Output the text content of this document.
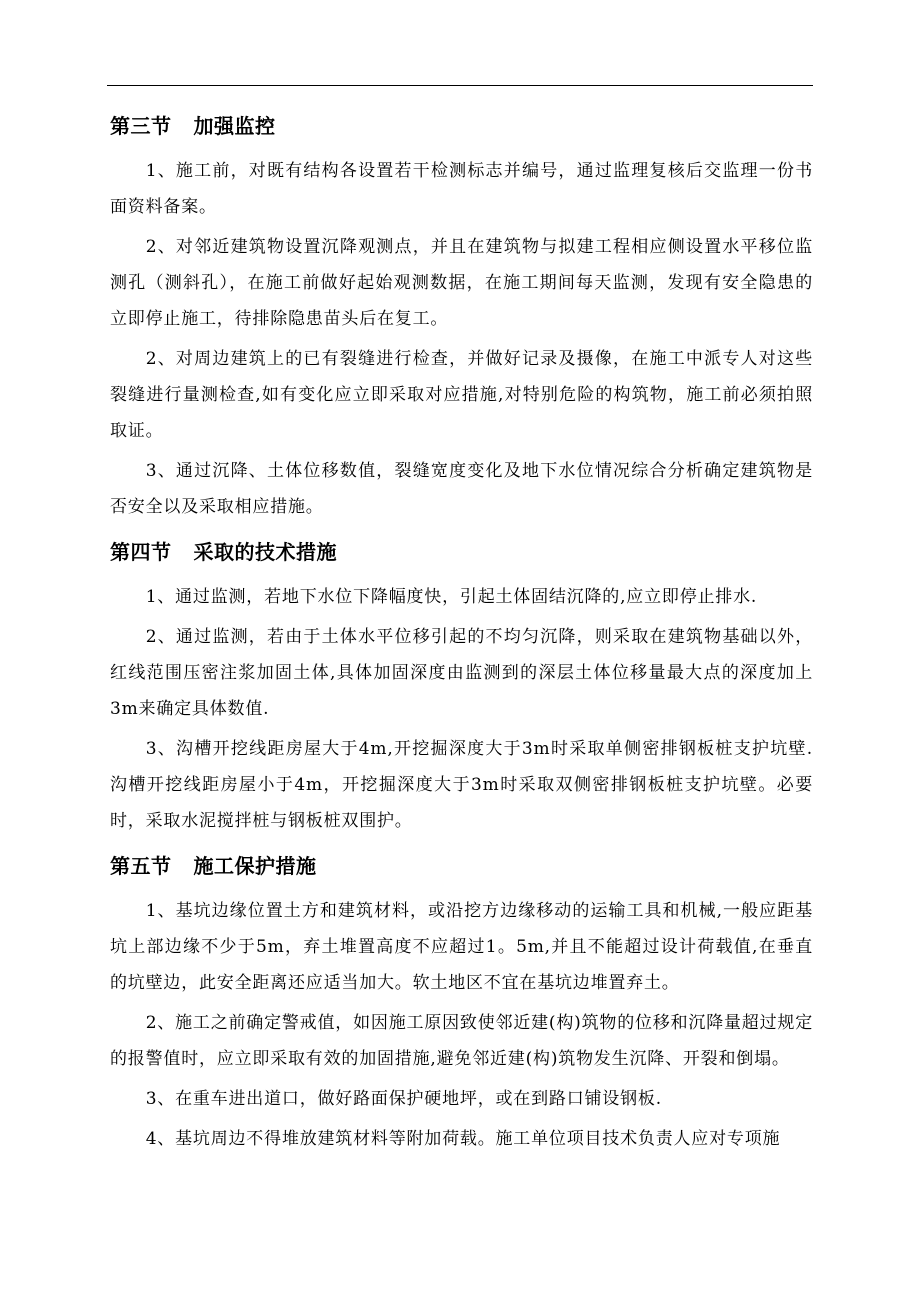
第三节 加强监控

1、施工前，对既有结构各设置若干检测标志并编号，通过监理复核后交监理一份书面资料备案。

2、对邻近建筑物设置沉降观测点，并且在建筑物与拟建工程相应侧设置水平移位监测孔（测斜孔），在施工前做好起始观测数据，在施工期间每天监测，发现有安全隐患的立即停止施工，待排除隐患苗头后在复工。

2、对周边建筑上的已有裂缝进行检查，并做好记录及摄像，在施工中派专人对这些裂缝进行量测检查,如有变化应立即采取对应措施,对特别危险的构筑物，施工前必须拍照取证。

3、通过沉降、土体位移数值，裂缝宽度变化及地下水位情况综合分析确定建筑物是否安全以及采取相应措施。

第四节 采取的技术措施

1、通过监测，若地下水位下降幅度快，引起土体固结沉降的,应立即停止排水.

2、通过监测，若由于土体水平位移引起的不均匀沉降，则采取在建筑物基础以外，红线范围压密注浆加固土体,具体加固深度由监测到的深层土体位移量最大点的深度加上3m来确定具体数值.

3、沟槽开挖线距房屋大于4m,开挖掘深度大于3m时采取单侧密排钢板桩支护坑壁.沟槽开挖线距房屋小于4m，开挖掘深度大于3m时采取双侧密排钢板桩支护坑壁。必要时，采取水泥搅拌桩与钢板桩双围护。

第五节 施工保护措施

1、基坑边缘位置土方和建筑材料，或沿挖方边缘移动的运输工具和机械,一般应距基坑上部边缘不少于5m，弃土堆置高度不应超过1。5m,并且不能超过设计荷载值,在垂直的坑壁边，此安全距离还应适当加大。软土地区不宜在基坑边堆置弃土。

2、施工之前确定警戒值，如因施工原因致使邻近建(构)筑物的位移和沉降量超过规定的报警值时，应立即采取有效的加固措施,避免邻近建(构)筑物发生沉降、开裂和倒塌。

3、在重车进出道口，做好路面保护硬地坪，或在到路口铺设钢板.

4、基坑周边不得堆放建筑材料等附加荷载。施工单位项目技术负责人应对专项施
